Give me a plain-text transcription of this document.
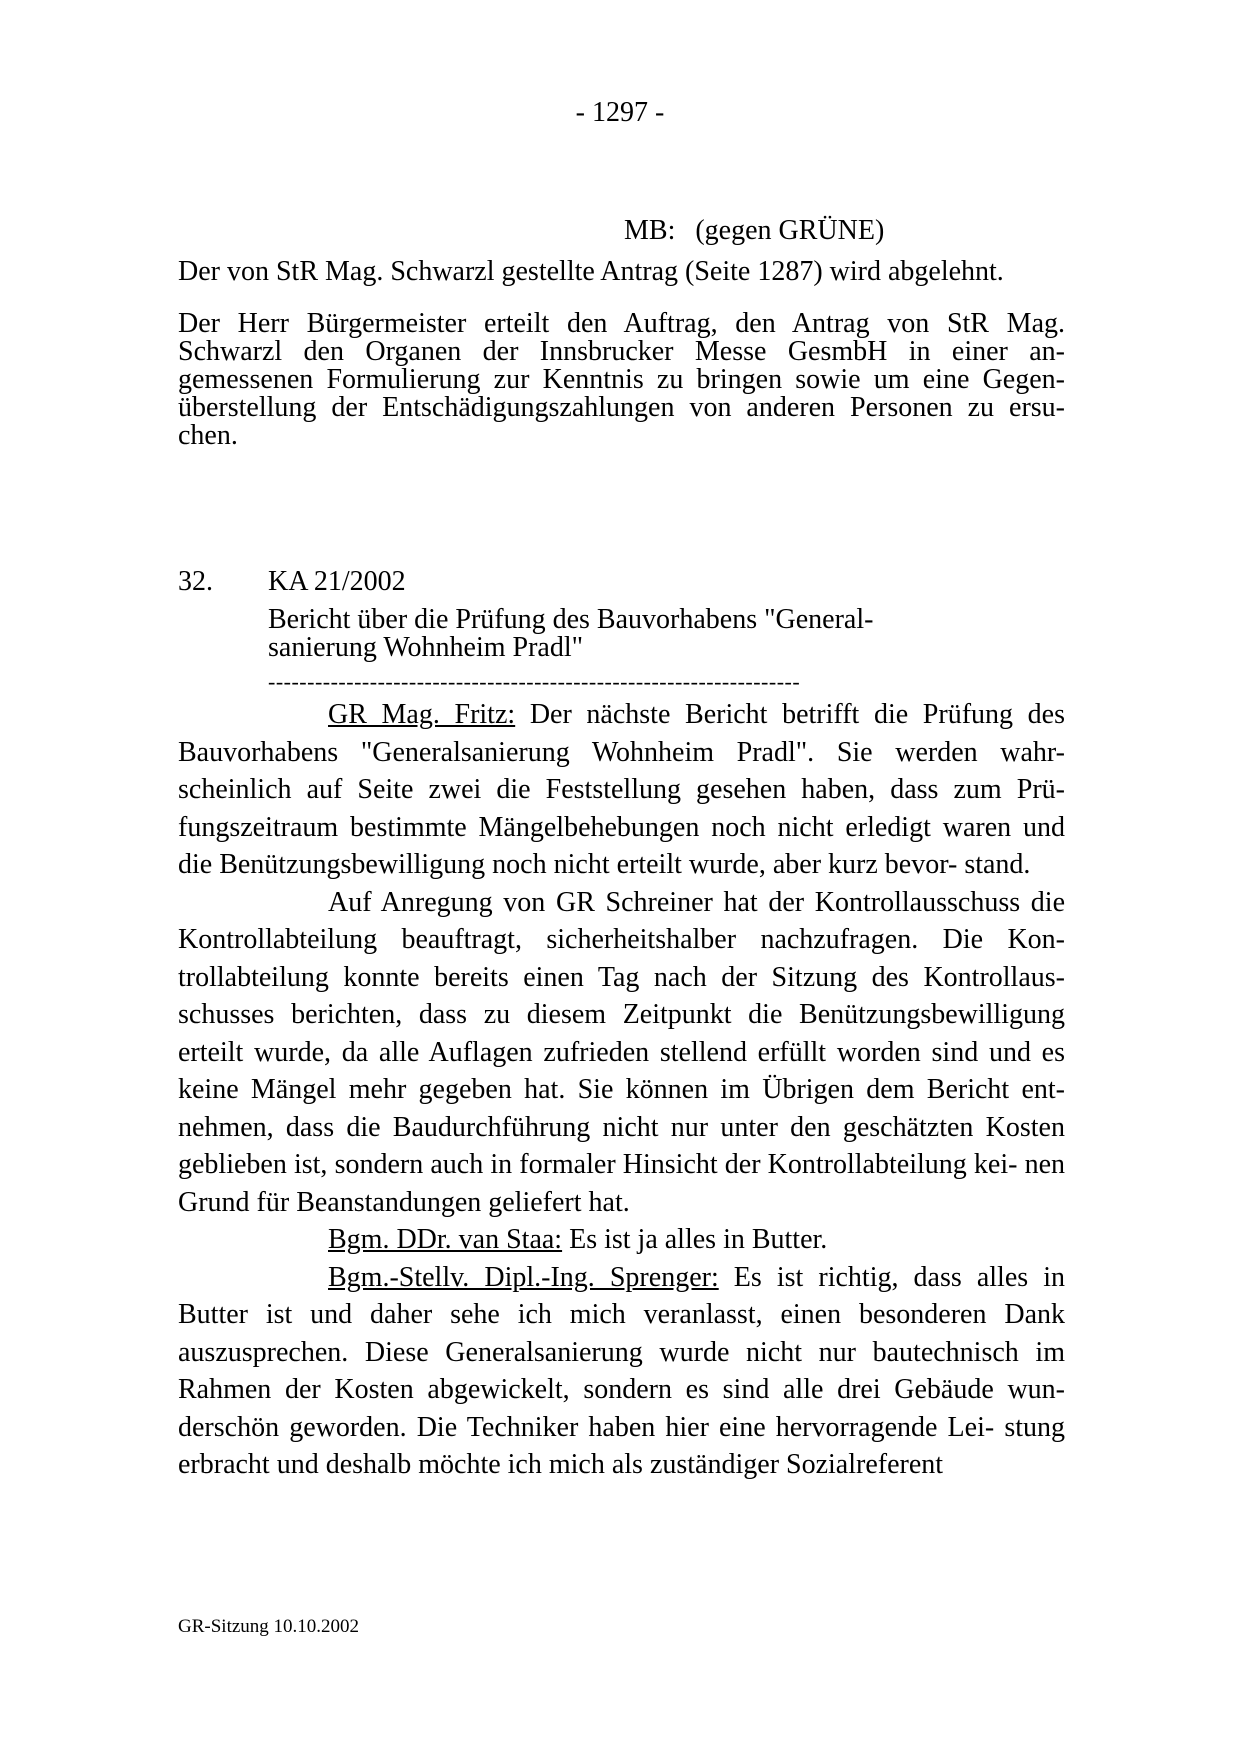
- 1297 -
MB: (gegen GRÜNE)
Der von StR Mag. Schwarzl gestellte Antrag (Seite 1287) wird abgelehnt.
Der Herr Bürgermeister erteilt den Auftrag, den Antrag von StR Mag. Schwarzl den Organen der Innsbrucker Messe GesmbH in einer an- gemessenen Formulierung zur Kenntnis zu bringen sowie um eine Gegen- überstellung der Entschädigungszahlungen von anderen Personen zu ersu- chen.
32. KA 21/2002
Bericht über die Prüfung des Bauvorhabens "General-
sanierung Wohnheim Pradl"
--------------------------------------------------------------------

GR Mag. Fritz: Der nächste Bericht betrifft die Prüfung des Bauvorhabens "Generalsanierung Wohnheim Pradl". Sie werden wahr- scheinlich auf Seite zwei die Feststellung gesehen haben, dass zum Prü- fungszeitraum bestimmte Mängelbehebungen noch nicht erledigt waren und die Benützungsbewilligung noch nicht erteilt wurde, aber kurz bevor- stand.

Auf Anregung von GR Schreiner hat der Kontrollausschuss die Kontrollabteilung beauftragt, sicherheitshalber nachzufragen. Die Kon- trollabteilung konnte bereits einen Tag nach der Sitzung des Kontrollaus- schusses berichten, dass zu diesem Zeitpunkt die Benützungsbewilligung erteilt wurde, da alle Auflagen zufrieden stellend erfüllt worden sind und es keine Mängel mehr gegeben hat. Sie können im Übrigen dem Bericht ent- nehmen, dass die Baudurchführung nicht nur unter den geschätzten Kosten geblieben ist, sondern auch in formaler Hinsicht der Kontrollabteilung kei- nen Grund für Beanstandungen geliefert hat.

Bgm. DDr. van Staa: Es ist ja alles in Butter.

Bgm.-Stellv. Dipl.-Ing. Sprenger: Es ist richtig, dass alles in Butter ist und daher sehe ich mich veranlasst, einen besonderen Dank auszusprechen. Diese Generalsanierung wurde nicht nur bautechnisch im Rahmen der Kosten abgewickelt, sondern es sind alle drei Gebäude wun- derschön geworden. Die Techniker haben hier eine hervorragende Lei- stung erbracht und deshalb möchte ich mich als zuständiger Sozialreferent

GR-Sitzung 10.10.2002
